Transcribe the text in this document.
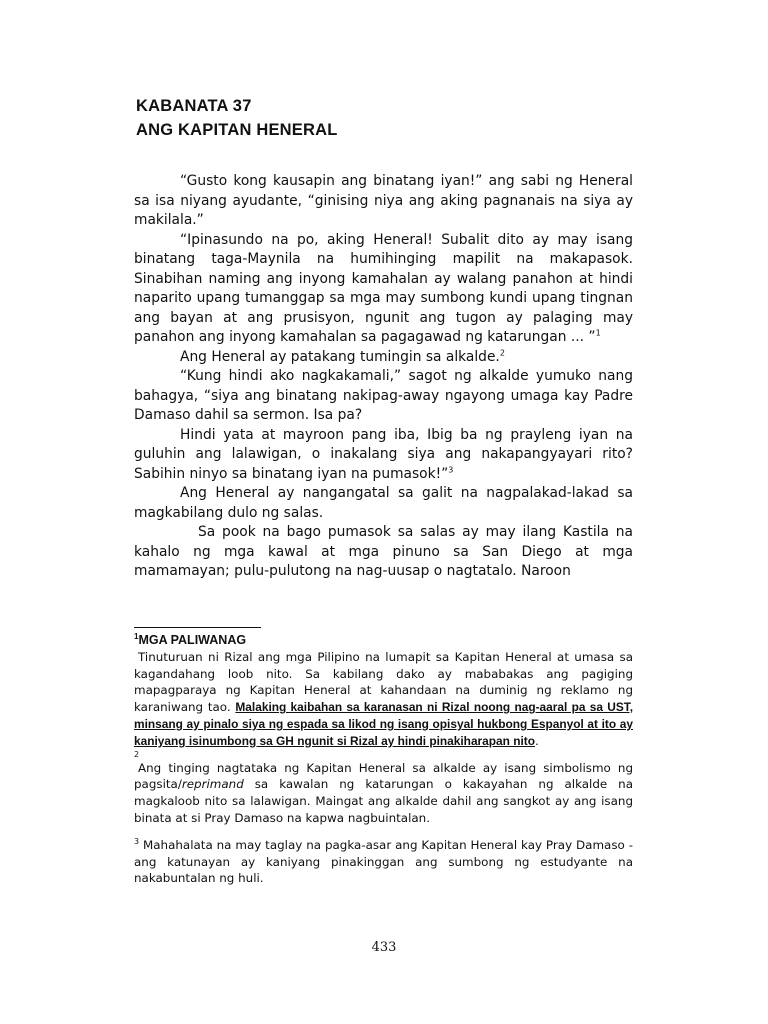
KABANATA 37
ANG KAPITAN HENERAL

“Gusto kong kausapin ang binatang iyan!” ang sabi ng Heneral sa isa niyang ayudante, “ginising niya ang aking pagnanais na siya ay makilala.”

“Ipinasundo na po, aking Heneral! Subalit dito ay may isang binatang taga-Maynila na humihinging mapilit na makapasok. Sinabihan naming ang inyong kamahalan ay walang panahon at hindi naparito upang tumanggap sa mga may sumbong kundi upang tingnan ang bayan at ang prusisyon, ngunit ang tugon ay palaging may panahon ang inyong kamahalan sa pagagawad ng katarungan ... ”$^1$

Ang Heneral ay patakang tumingin sa alkalde.$^2$

“Kung hindi ako nagkakamali,” sagot ng alkalde yumuko nang bahagya, “siya ang binatang nakipag-away ngayong umaga kay Padre Damaso dahil sa sermon. Isa pa?

Hindi yata at mayroon pang iba, Ibig ba ng prayleng iyan na guluhin ang lalawigan, o inakalang siya ang nakapangyayari rito? Sabihin ninyo sa binatang iyan na pumasok!”$^3$

Ang Heneral ay nangangatal sa galit na nagpalakad-lakad sa magkabilang dulo ng salas.

Sa pook na bago pumasok sa salas ay may ilang Kastila na kahalo ng mga kawal at mga pinuno sa San Diego at mga mamamayan; pulu-pulutong na nag-uusap o nagtatalo. Naroon

$^1$MGA PALIWANAG

Tinuturuan ni Rizal ang mga Pilipino na lumapit sa Kapitan Heneral at umasa sa kagandahang loob nito. Sa kabilang dako ay mababakas ang pagiging mapagparaya ng Kapitan Heneral at kahandaan na duminig ng reklamo ng karaniwang tao. Malaking kaibahan sa karanasan ni Rizal noong nag-aaral pa sa UST, minsang ay pinalo siya ng espada sa likod ng isang opisyal hukbong Espanyol at ito ay kaniyang isinumbong sa GH ngunit si Rizal ay hindi pinakiharapan nito.

2

Ang tinging nagtataka ng Kapitan Heneral sa alkalde ay isang simbolismo ng pagsita/reprimand sa kawalan ng katarungan o kakayahan ng alkalde na magkaloob nito sa lalawigan. Maingat ang alkalde dahil ang sangkot ay ang isang binata at si Pray Damaso na kapwa nagbuintalan.

$^3$ Mahahalata na may taglay na pagka-asar ang Kapitan Heneral kay Pray Damaso - ang katunayan ay kaniyang pinakinggan ang sumbong ng estudyante na nakabuntalan ng huli.

433
